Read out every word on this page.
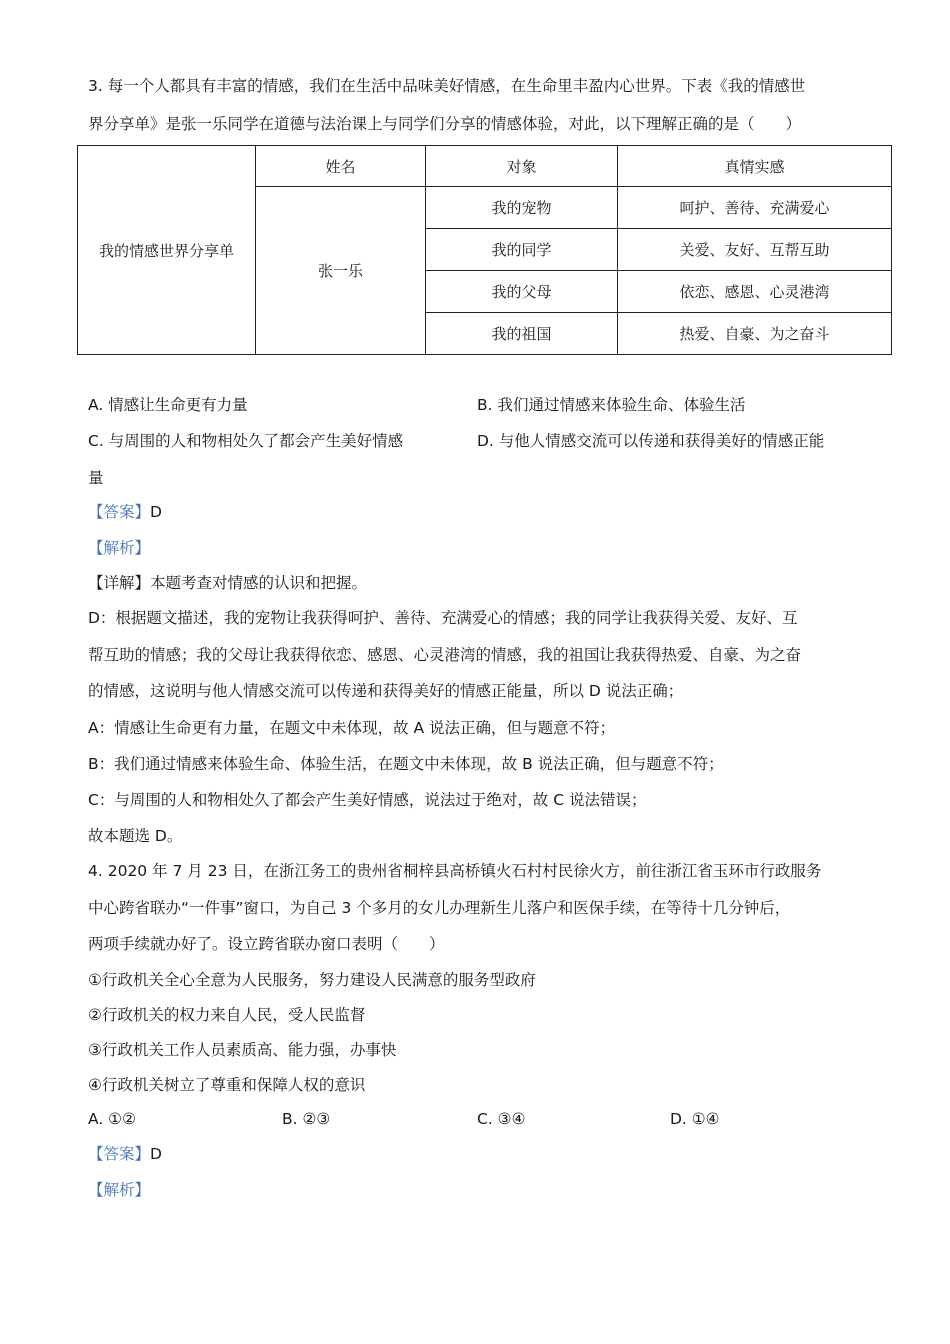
3. 每一个人都具有丰富的情感，我们在生活中品味美好情感，在生命里丰盈内心世界。下表《我的情感世
界分享单》是张一乐同学在道德与法治课上与同学们分享的情感体验，对此，以下理解正确的是（　　）
我的情感世界分享单	姓名	对象	真情实感
	张一乐	我的宠物	呵护、善待、充满爱心
		我的同学	关爱、友好、互帮互助
		我的父母	依恋、感恩、心灵港湾
		我的祖国	热爱、自豪、为之奋斗
A. 情感让生命更有力量	B. 我们通过情感来体验生命、体验生活
C. 与周围的人和物相处久了都会产生美好情感	D. 与他人情感交流可以传递和获得美好的情感正能
量
【答案】D
【解析】
【详解】本题考查对情感的认识和把握。
D：根据题文描述，我的宠物让我获得呵护、善待、充满爱心的情感；我的同学让我获得关爱、友好、互
帮互助的情感；我的父母让我获得依恋、感恩、心灵港湾的情感，我的祖国让我获得热爱、自豪、为之奋
的情感，这说明与他人情感交流可以传递和获得美好的情感正能量，所以 D 说法正确；
A：情感让生命更有力量，在题文中未体现，故 A 说法正确，但与题意不符；
B：我们通过情感来体验生命、体验生活，在题文中未体现，故 B 说法正确，但与题意不符；
C：与周围的人和物相处久了都会产生美好情感，说法过于绝对，故 C 说法错误；
故本题选 D。
4. 2020 年 7 月 23 日，在浙江务工的贵州省桐梓县高桥镇火石村村民徐火方，前往浙江省玉环市行政服务
中心跨省联办“一件事”窗口，为自己 3 个多月的女儿办理新生儿落户和医保手续，在等待十几分钟后，
两项手续就办好了。设立跨省联办窗口表明（　　）
①行政机关全心全意为人民服务，努力建设人民满意的服务型政府
②行政机关的权力来自人民，受人民监督
③行政机关工作人员素质高、能力强，办事快
④行政机关树立了尊重和保障人权的意识
A. ①②	B. ②③	C. ③④	D. ①④
【答案】D
【解析】
